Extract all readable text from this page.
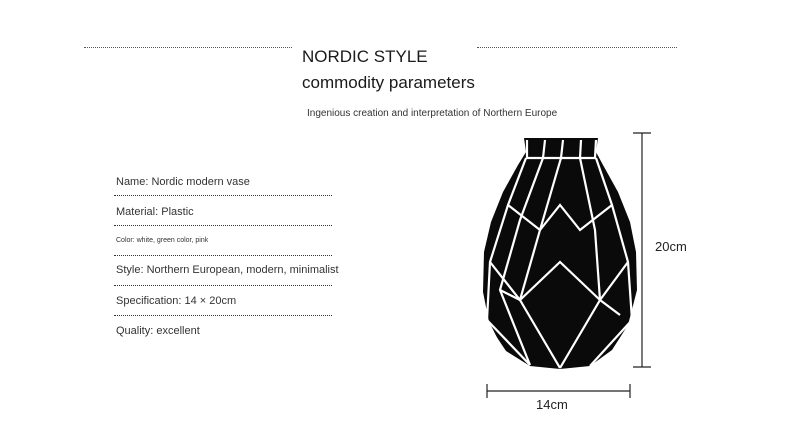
NORDIC STYLE commodity parameters
Ingenious creation and interpretation of Northern Europe
Name: Nordic modern vase
Material: Plastic
Color: white, green color, pink
Style: Northern European, modern, minimalist
Specification: 14 × 20cm
Quality: excellent
20cm
14cm
